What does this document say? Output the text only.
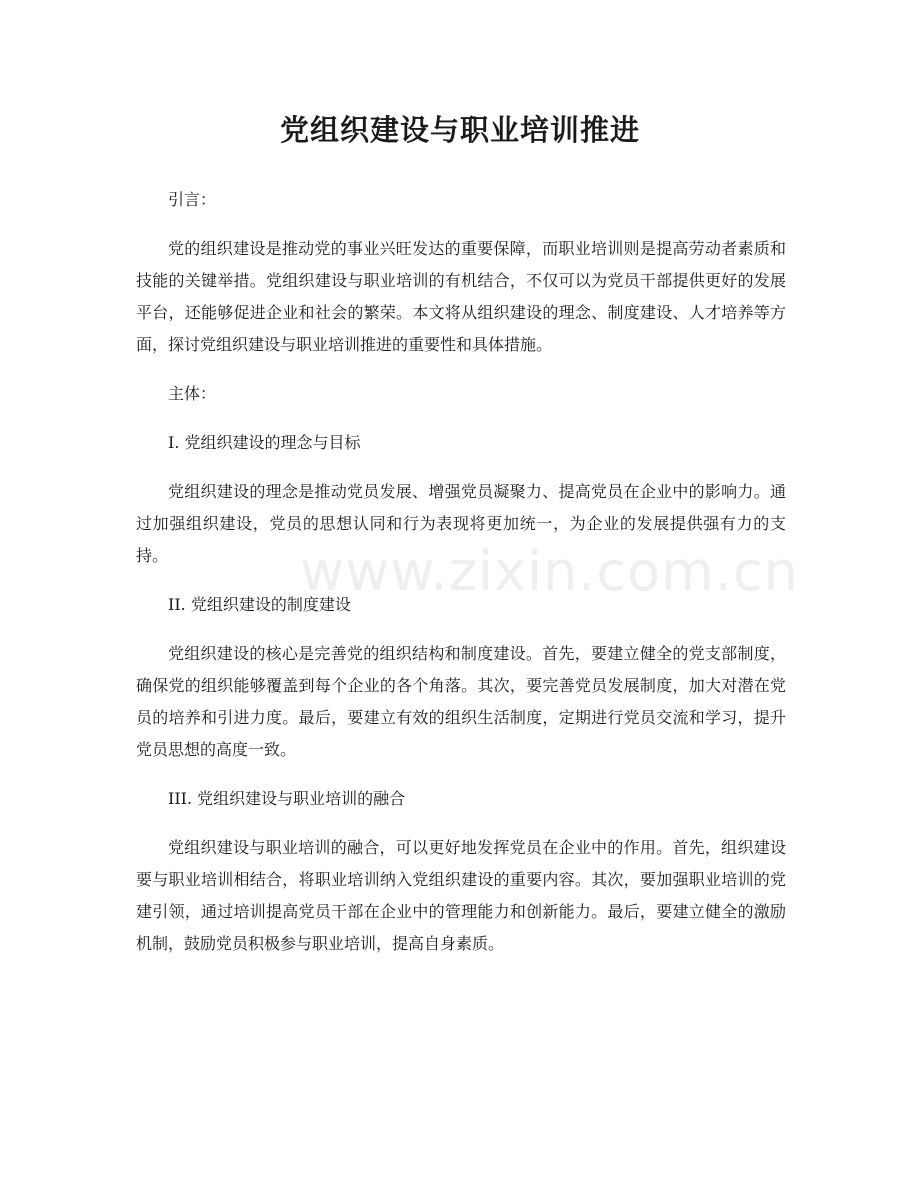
党组织建设与职业培训推进
www.zixin.com.cn

引言：

党的组织建设是推动党的事业兴旺发达的重要保障，而职业培训则是提高劳动者素质和技能的关键举措。党组织建设与职业培训的有机结合，不仅可以为党员干部提供更好的发展平台，还能够促进企业和社会的繁荣。本文将从组织建设的理念、制度建设、人才培养等方面，探讨党组织建设与职业培训推进的重要性和具体措施。

主体：

I. 党组织建设的理念与目标

党组织建设的理念是推动党员发展、增强党员凝聚力、提高党员在企业中的影响力。通过加强组织建设，党员的思想认同和行为表现将更加统一，为企业的发展提供强有力的支持。

II. 党组织建设的制度建设

党组织建设的核心是完善党的组织结构和制度建设。首先，要建立健全的党支部制度，确保党的组织能够覆盖到每个企业的各个角落。其次，要完善党员发展制度，加大对潜在党员的培养和引进力度。最后，要建立有效的组织生活制度，定期进行党员交流和学习，提升党员思想的高度一致。

III. 党组织建设与职业培训的融合

党组织建设与职业培训的融合，可以更好地发挥党员在企业中的作用。首先，组织建设要与职业培训相结合，将职业培训纳入党组织建设的重要内容。其次，要加强职业培训的党建引领，通过培训提高党员干部在企业中的管理能力和创新能力。最后，要建立健全的激励机制，鼓励党员积极参与职业培训，提高自身素质。
